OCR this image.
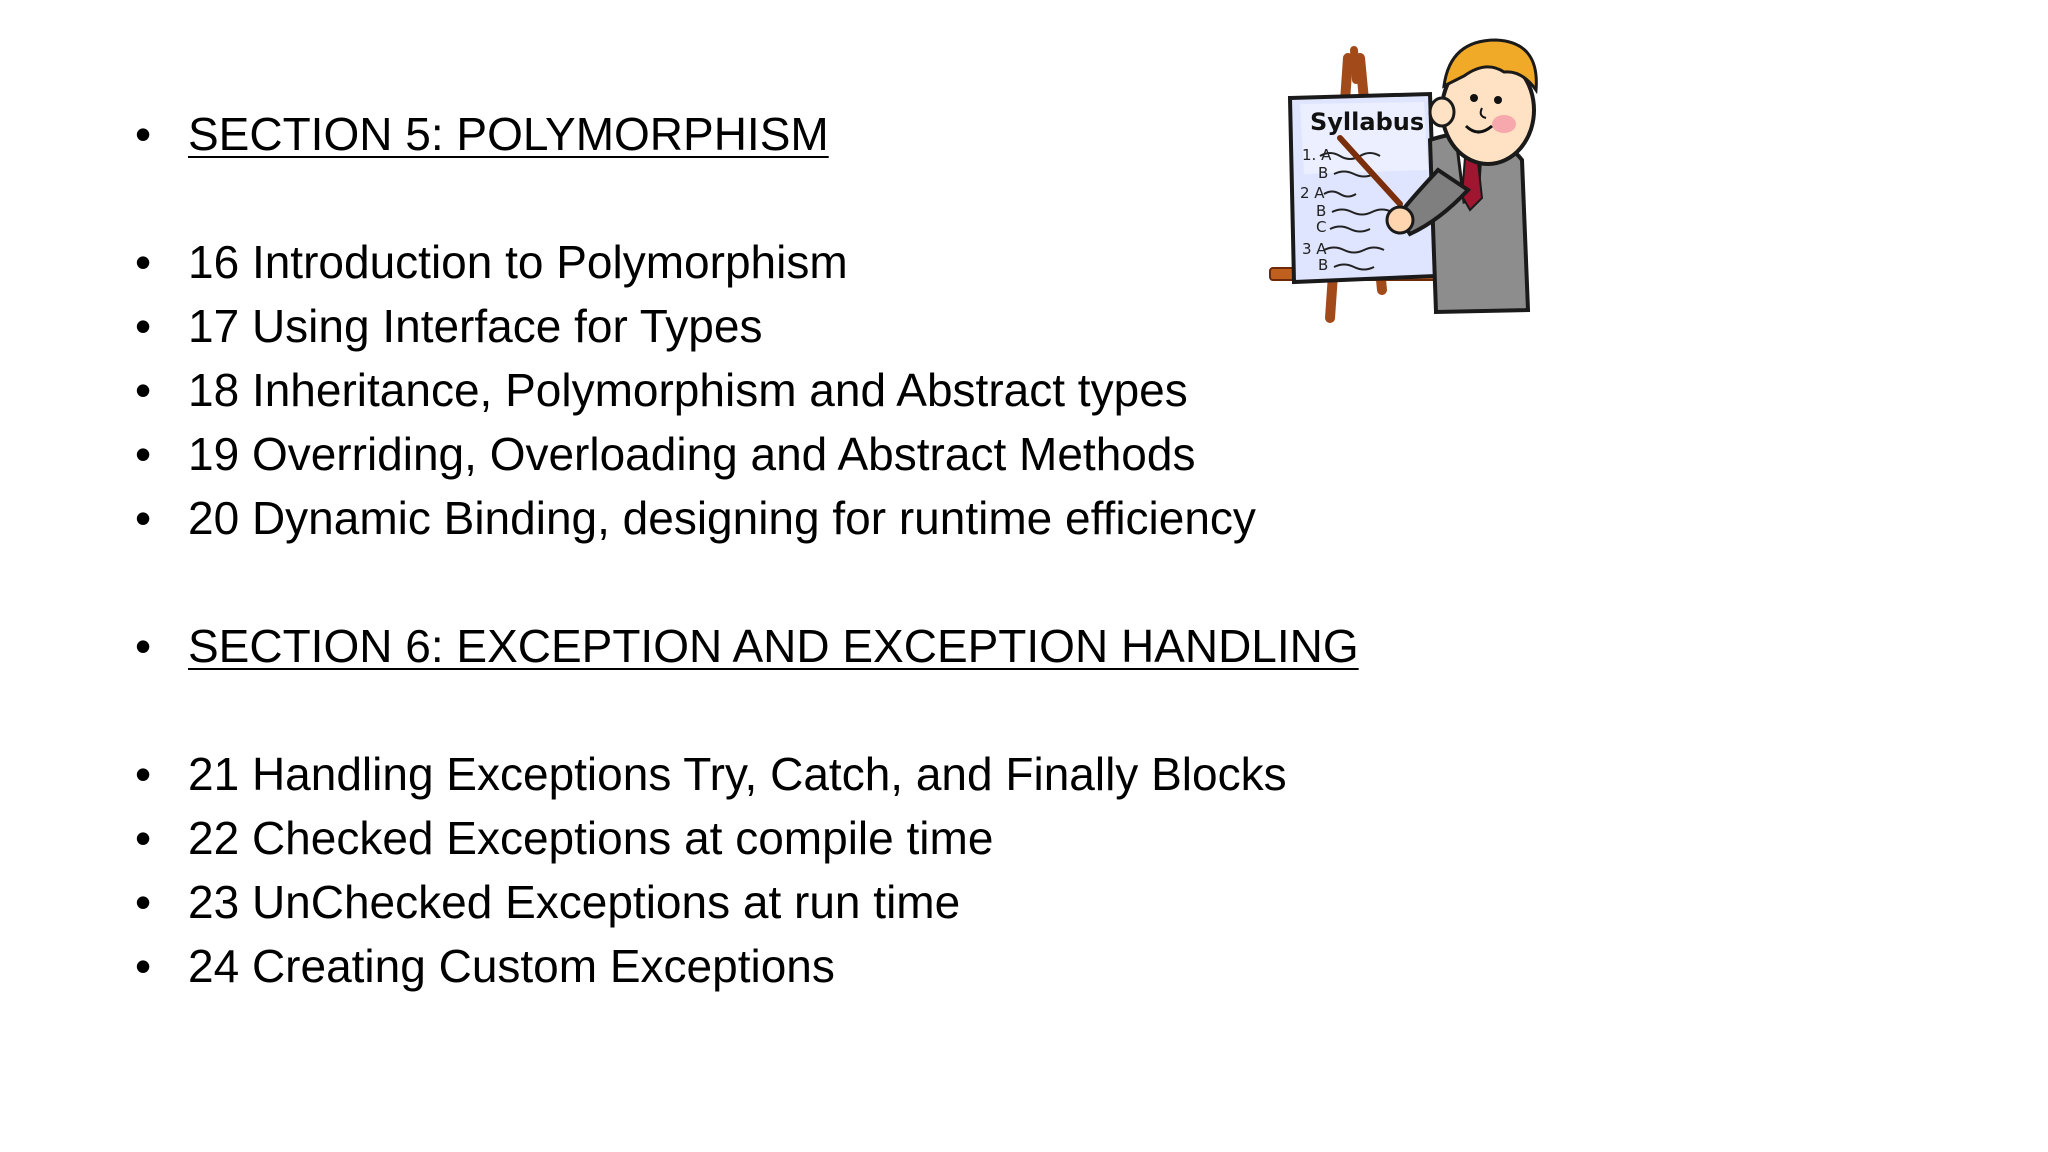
• SECTION 5: POLYMORPHISM
• 16 Introduction to Polymorphism
• 17 Using Interface for Types
• 18 Inheritance, Polymorphism and Abstract types
• 19 Overriding, Overloading and Abstract Methods
• 20 Dynamic Binding, designing for runtime efficiency
• SECTION 6: EXCEPTION AND EXCEPTION HANDLING
• 21 Handling Exceptions Try, Catch, and Finally Blocks
• 22 Checked Exceptions at compile time
• 23 UnChecked Exceptions at run time
• 24 Creating Custom Exceptions
Syllabus
1. A
B
2 A
B
C
3 A
B
